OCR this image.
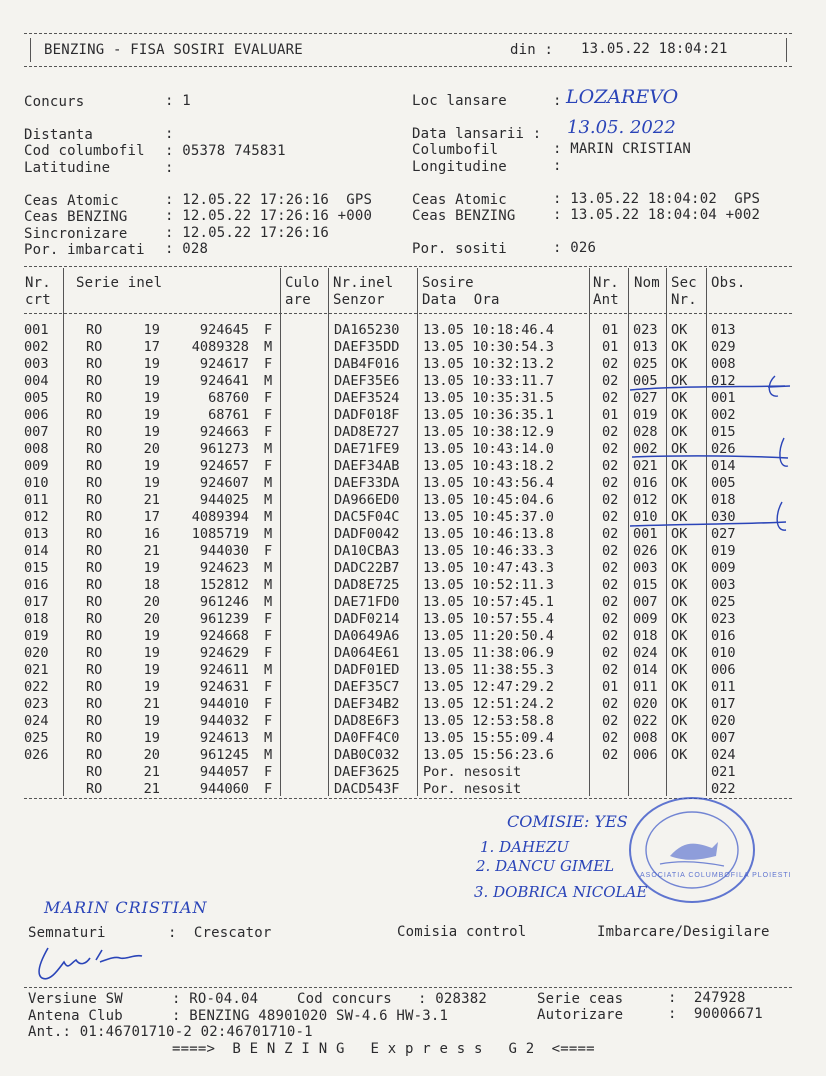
BENZING - FISA SOSIRI EVALUARE	din : 13.05.22 18:04:21
Concurs	: 1	Loc lansare	: LOZAREVO
Distanta	:	Data lansarii : 13.05. 2022
Cod columbofil : 05378 745831	Columbofil	: MARIN CRISTIAN
Latitudine	:	Longitudine	:
Ceas Atomic	: 12.05.22 17:26:16  GPS	Ceas Atomic	: 13.05.22 18:04:02  GPS
Ceas BENZING	: 12.05.22 17:26:16 +000	Ceas BENZING	: 13.05.22 18:04:04 +002
Sincronizare	: 12.05.22 17:26:16
Por. imbarcati : 028	Por. sositi	: 026
Nr.
crt
Serie inel	Culo
are
Nr.inel
Senzor
Sosire
Data  Ora
Nr.
Ant
Nom Sec
Nr.
Obs.
001	RO	19	924645 F	DA165230 13.05 10:18:46.4	01 023 OK 013
002	RO	17	4089328 M	DAEF35DD 13.05 10:30:54.3	01 013 OK 029
003	RO	19	924617 F	DAB4F016 13.05 10:32:13.2	02 025 OK 008
004	RO	19	924641 M	DAEF35E6 13.05 10:33:11.7	02 005 OK 012
005	RO	19	68760 F	DAEF3524 13.05 10:35:31.5	02 027 OK 001
006	RO	19	68761 F	DADF018F 13.05 10:36:35.1	01 019 OK 002
007	RO	19	924663 F	DAD8E727 13.05 10:38:12.9	02 028 OK 015
008	RO	20	961273 M	DAE71FE9 13.05 10:43:14.0	02 002 OK 026
009	RO	19	924657 F	DAEF34AB 13.05 10:43:18.2	02 021 OK 014
010	RO	19	924607 M	DAEF33DA 13.05 10:43:56.4	02 016 OK 005
011	RO	21	944025 M	DA966ED0 13.05 10:45:04.6	02 012 OK 018
012	RO	17	4089394 M	DAC5F04C 13.05 10:45:37.0	02 010 OK 030
013	RO	16	1085719 M	DADF0042 13.05 10:46:13.8	02 001 OK 027
014	RO	21	944030 F	DA10CBA3 13.05 10:46:33.3	02 026 OK 019
015	RO	19	924623 M	DADC22B7 13.05 10:47:43.3	02 003 OK 009
016	RO	18	152812 M	DAD8E725 13.05 10:52:11.3	02 015 OK 003
017	RO	20	961246 M	DAE71FD0 13.05 10:57:45.1	02 007 OK 025
018	RO	20	961239 F	DADF0214 13.05 10:57:55.4	02 009 OK 023
019	RO	19	924668 F	DA0649A6 13.05 11:20:50.4	02 018 OK 016
020	RO	19	924629 F	DA064E61 13.05 11:38:06.9	02 024 OK 010
021	RO	19	924611 M	DADF01ED 13.05 11:38:55.3	02 014 OK 006
022	RO	19	924631 F	DAEF35C7 13.05 12:47:29.2	01 011 OK 011
023	RO	21	944010 F	DAEF34B2 13.05 12:51:24.2	02 020 OK 017
024	RO	19	944032 F	DAD8E6F3 13.05 12:53:58.8	02 022 OK 020
025	RO	19	924613 M	DA0FF4C0 13.05 15:55:09.4	02 008 OK 007
026	RO	20	961245 M	DAB0C032 13.05 15:56:23.6	02 006 OK 024
RO	21	944057 F	DAEF3625 Por. nesosit	021
RO	21	944060 F	DACD543F Por. nesosit	022
ASOCIATIA COLUMBOFILA PLOIESTI
COMISIE: YES
1. DAHEZU
2. DANCU GIMEL
3. DOBRICA NICOLAE
MARIN CRISTIAN
Semnaturi	:  Crescator	Comisia control	Imbarcare/Desigilare
Versiune SW	: RO-04.04	Cod concurs : 028382	Serie ceas	:  247928
Antena Club	: BENZING 48901020 SW-4.6 HW-3.1	Autorizare	:  90006671
Ant.: 01:46701710-2 02:46701710-1
====>  B E N Z I N G   E x p r e s s   G 2  <====
